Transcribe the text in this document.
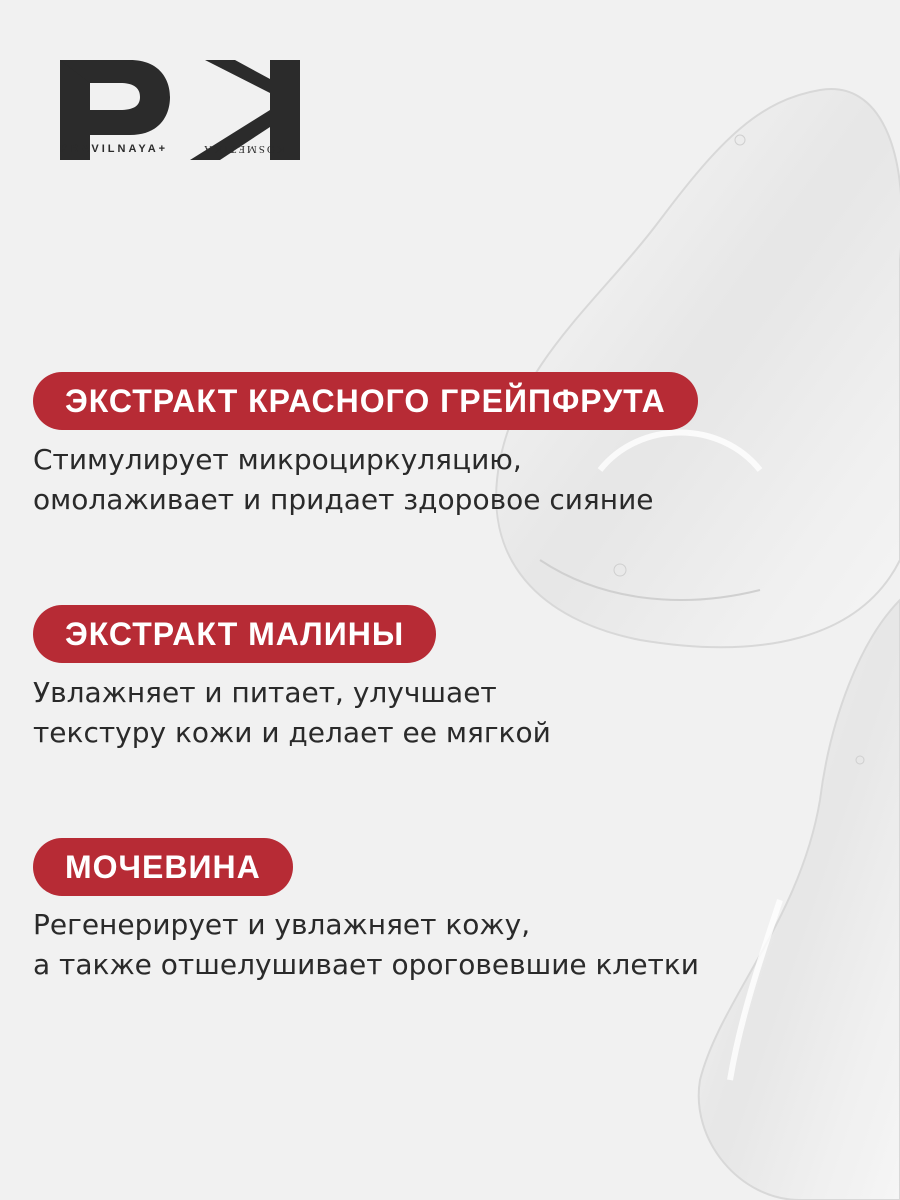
PRAVILNAYA+	KOSMETIKA
ЭКСТРАКТ КРАСНОГО ГРЕЙПФРУТА
Стимулирует микроциркуляцию,
омолаживает и придает здоровое сияние
ЭКСТРАКТ МАЛИНЫ
Увлажняет и питает, улучшает
текстуру кожи и делает ее мягкой
МОЧЕВИНА
Регенерирует и увлажняет кожу,
а также отшелушивает ороговевшие клетки
